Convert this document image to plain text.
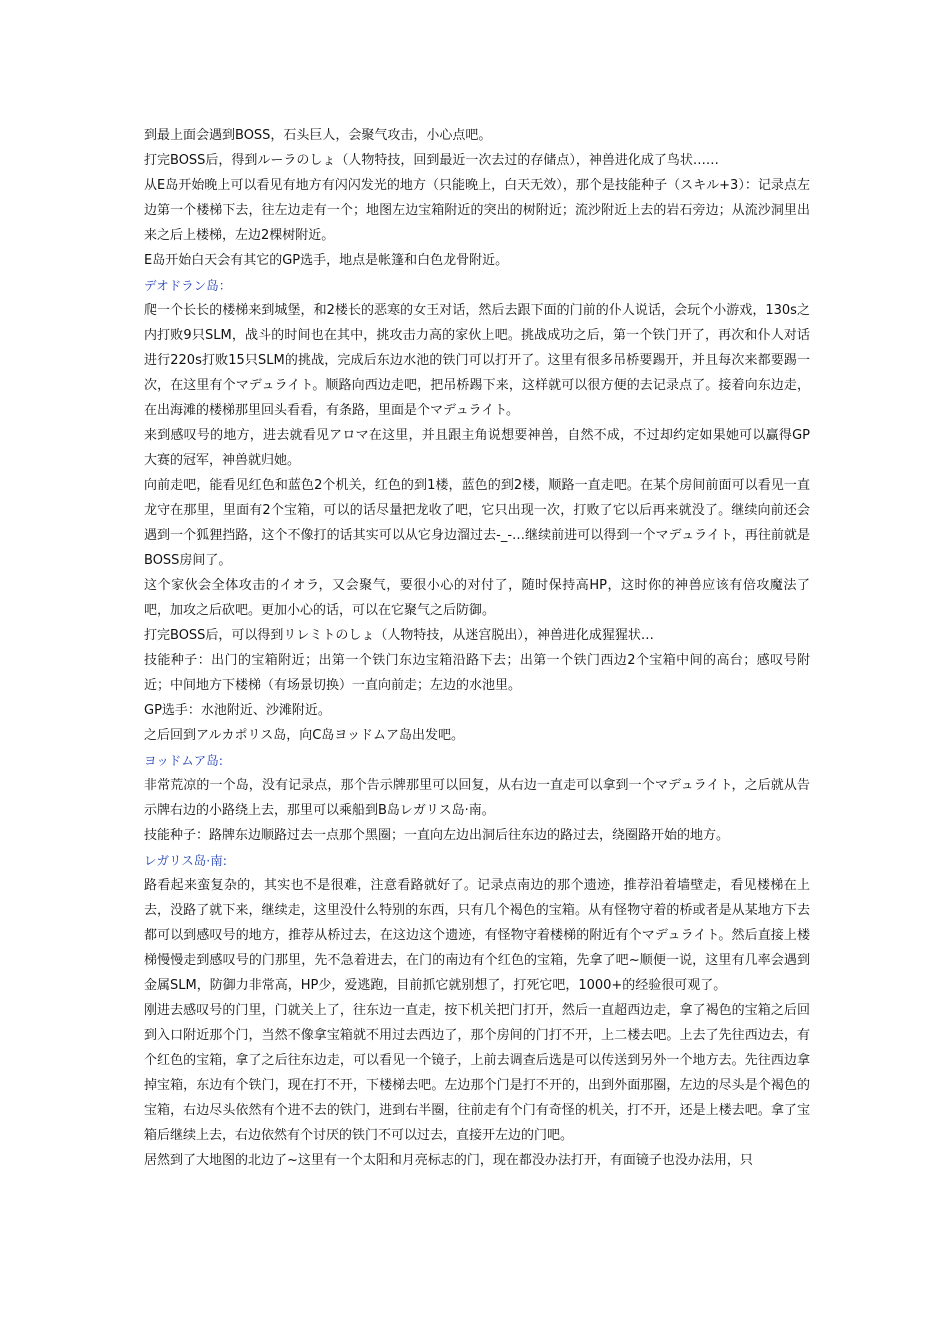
到最上面会遇到BOSS，石头巨人，会聚气攻击，小心点吧。

打完BOSS后，得到ルーラのしょ（人物特技，回到最近一次去过的存储点），神兽进化成了鸟状……

从E岛开始晚上可以看见有地方有闪闪发光的地方（只能晚上，白天无效），那个是技能种子（スキル+3）：记录点左边第一个楼梯下去，往左边走有一个；地图左边宝箱附近的突出的树附近；流沙附近上去的岩石旁边；从流沙洞里出来之后上楼梯，左边2棵树附近。

E岛开始白天会有其它的GP选手，地点是帐篷和白色龙骨附近。

デオドラン岛：

爬一个长长的楼梯来到城堡，和2楼长的恶寒的女王对话，然后去跟下面的门前的仆人说话，会玩个小游戏，130s之内打败9只SLM，战斗的时间也在其中，挑攻击力高的家伙上吧。挑战成功之后，第一个铁门开了，再次和仆人对话进行220s打败15只SLM的挑战，完成后东边水池的铁门可以打开了。这里有很多吊桥要踢开，并且每次来都要踢一次，在这里有个マデュライト。顺路向西边走吧，把吊桥踢下来，这样就可以很方便的去记录点了。接着向东边走，在出海滩的楼梯那里回头看看，有条路，里面是个マデュライト。

来到感叹号的地方，进去就看见アロマ在这里，并且跟主角说想要神兽，自然不成，不过却约定如果她可以赢得GP大赛的冠军，神兽就归她。

向前走吧，能看见红色和蓝色2个机关，红色的到1楼，蓝色的到2楼，顺路一直走吧。在某个房间前面可以看见一直龙守在那里，里面有2个宝箱，可以的话尽量把龙收了吧，它只出现一次，打败了它以后再来就没了。继续向前还会遇到一个狐狸挡路，这个不像打的话其实可以从它身边溜过去-_-…继续前进可以得到一个マデュライト，再往前就是BOSS房间了。

这个家伙会全体攻击的イオラ，又会聚气，要很小心的对付了，随时保持高HP，这时你的神兽应该有倍攻魔法了吧，加攻之后砍吧。更加小心的话，可以在它聚气之后防御。

打完BOSS后，可以得到リレミトのしょ（人物特技，从迷宫脱出），神兽进化成猩猩状…

技能种子：出门的宝箱附近；出第一个铁门东边宝箱沿路下去；出第一个铁门西边2个宝箱中间的高台；感叹号附近；中间地方下楼梯（有场景切换）一直向前走；左边的水池里。

GP选手：水池附近、沙滩附近。

之后回到アルカポリス岛，向C岛ヨッドムア岛出发吧。

ヨッドムア岛:

非常荒凉的一个岛，没有记录点，那个告示牌那里可以回复，从右边一直走可以拿到一个マデュライト，之后就从告示牌右边的小路绕上去，那里可以乘船到B岛レガリス岛·南。

技能种子：路牌东边顺路过去一点那个黑圈；一直向左边出洞后往东边的路过去，绕圈路开始的地方。

レガリス岛·南:

路看起来蛮复杂的，其实也不是很难，注意看路就好了。记录点南边的那个遗迹，推荐沿着墙壁走，看见楼梯在上去，没路了就下来，继续走，这里没什么特别的东西，只有几个褐色的宝箱。从有怪物守着的桥或者是从某地方下去都可以到感叹号的地方，推荐从桥过去，在这边这个遗迹，有怪物守着楼梯的附近有个マデュライト。然后直接上楼梯慢慢走到感叹号的门那里，先不急着进去，在门的南边有个红色的宝箱，先拿了吧~顺便一说，这里有几率会遇到金属SLM，防御力非常高，HP少，爱逃跑，目前抓它就别想了，打死它吧，1000+的经验很可观了。

刚进去感叹号的门里，门就关上了，往东边一直走，按下机关把门打开，然后一直超西边走，拿了褐色的宝箱之后回到入口附近那个门，当然不像拿宝箱就不用过去西边了，那个房间的门打不开，上二楼去吧。上去了先往西边去，有个红色的宝箱，拿了之后往东边走，可以看见一个镜子，上前去调查后选是可以传送到另外一个地方去。先往西边拿掉宝箱，东边有个铁门，现在打不开，下楼梯去吧。左边那个门是打不开的，出到外面那圈，左边的尽头是个褐色的宝箱，右边尽头依然有个进不去的铁门，进到右半圈，往前走有个门有奇怪的机关，打不开，还是上楼去吧。拿了宝箱后继续上去，右边依然有个讨厌的铁门不可以过去，直接开左边的门吧。

居然到了大地图的北边了~这里有一个太阳和月亮标志的门，现在都没办法打开，有面镜子也没办法用，只
